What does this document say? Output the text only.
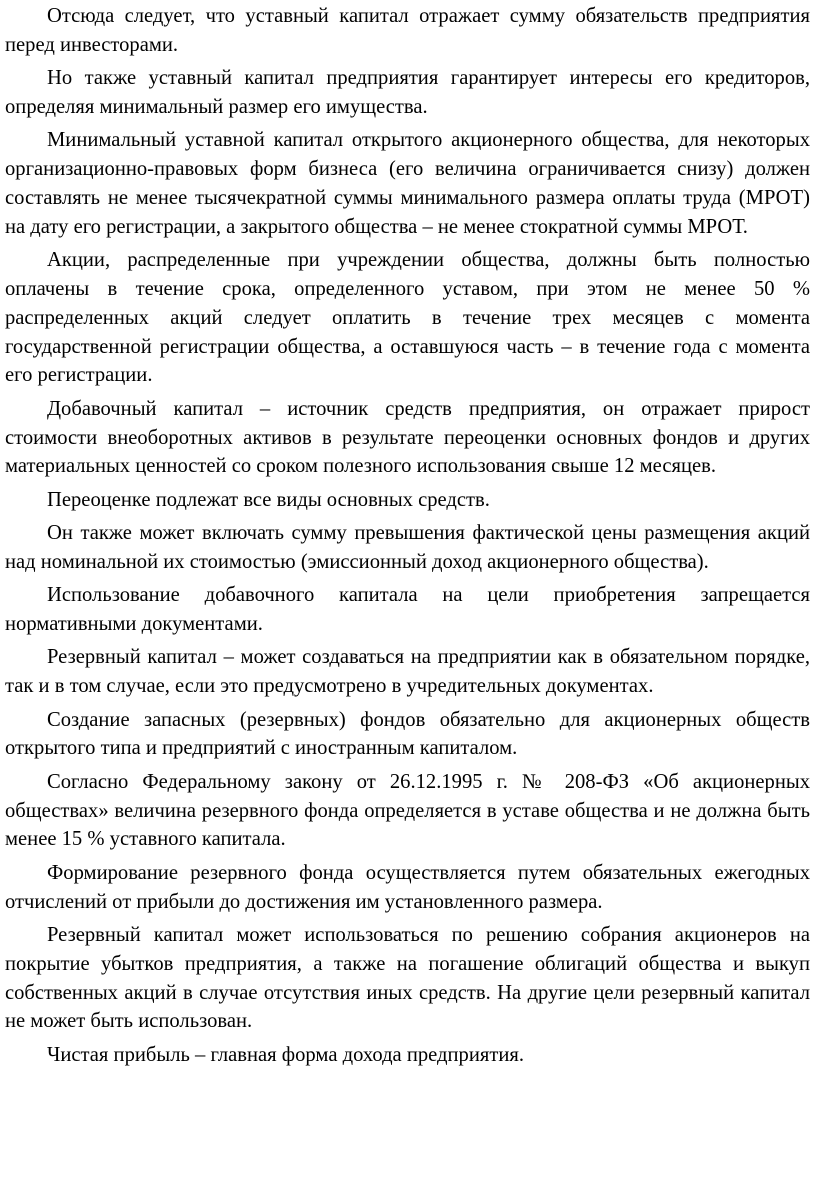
Отсюда следует, что уставный капитал отражает сумму обязательств предприятия перед инвесторами.

Но также уставный капитал предприятия гарантирует интересы его кредиторов, определяя минимальный размер его имущества.

Минимальный уставной капитал открытого акционерного общества, для некоторых организационно-правовых форм бизнеса (его величина ограничивается снизу) должен составлять не менее тысячекратной суммы минимального размера оплаты труда (МРОТ) на дату его регистрации, а закрытого общества – не менее стократной суммы МРОТ.

Акции, распределенные при учреждении общества, должны быть полностью оплачены в течение срока, определенного уставом, при этом не менее 50 % распределенных акций следует оплатить в течение трех месяцев с момента государственной регистрации общества, а оставшуюся часть – в течение года с момента его регистрации.

Добавочный капитал – источник средств предприятия, он отражает прирост стоимости внеоборотных активов в результате переоценки основных фондов и других материальных ценностей со сроком полезного использования свыше 12 месяцев.

Переоценке подлежат все виды основных средств.

Он также может включать сумму превышения фактической цены размещения акций над номинальной их стоимостью (эмиссионный доход акционерного общества).

Использование добавочного капитала на цели приобретения запрещается нормативными документами.

Резервный капитал – может создаваться на предприятии как в обязательном порядке, так и в том случае, если это предусмотрено в учредительных документах.

Создание запасных (резервных) фондов обязательно для акционерных обществ открытого типа и предприятий с иностранным капиталом.

Согласно Федеральному закону от 26.12.1995 г. № 208-ФЗ «Об акционерных обществах» величина резервного фонда определяется в уставе общества и не должна быть менее 15 % уставного капитала.

Формирование резервного фонда осуществляется путем обязательных ежегодных отчислений от прибыли до достижения им установленного размера.

Резервный капитал может использоваться по решению собрания акционеров на покрытие убытков предприятия, а также на погашение облигаций общества и выкуп собственных акций в случае отсутствия иных средств. На другие цели резервный капитал не может быть использован.

Чистая прибыль – главная форма дохода предприятия.
